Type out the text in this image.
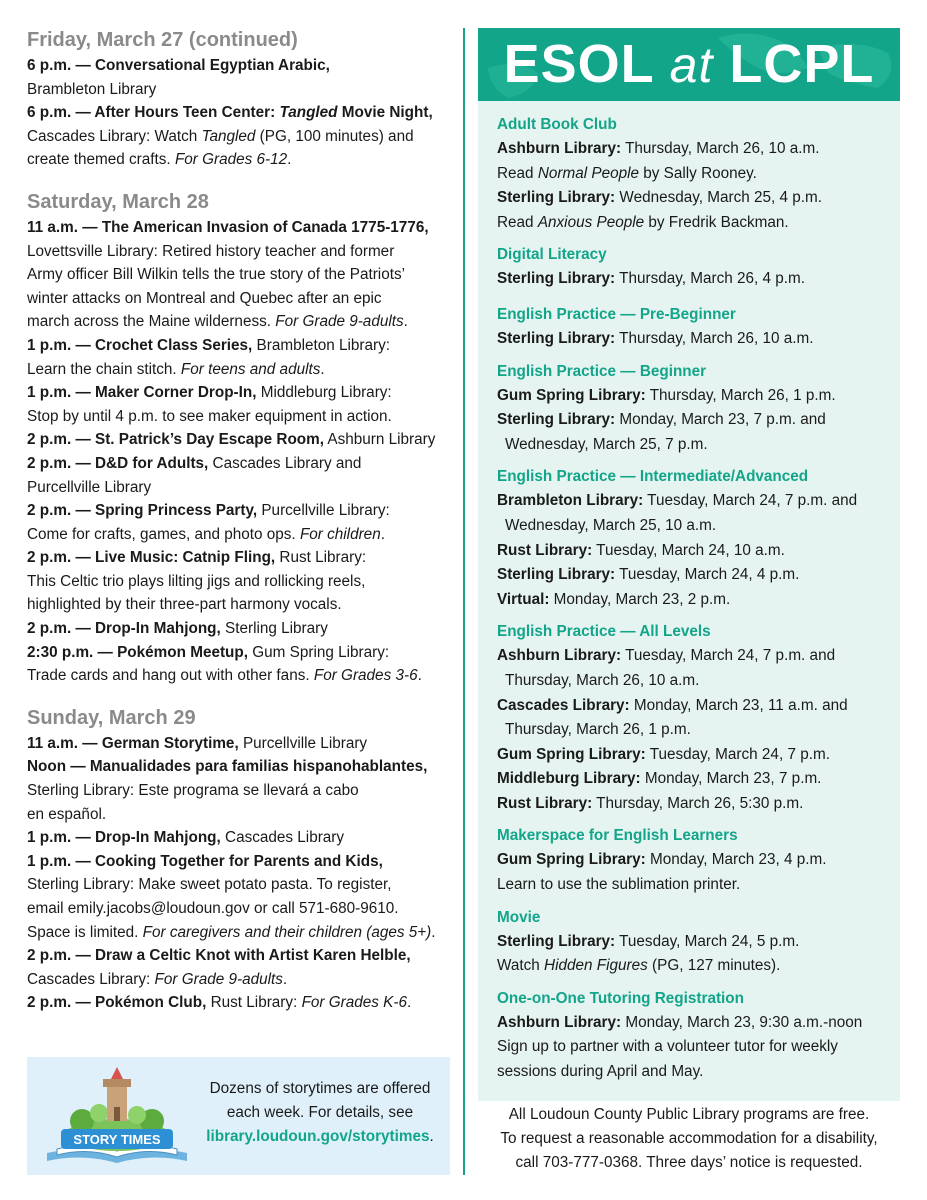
Friday, March 27 (continued)
6 p.m. — Conversational Egyptian Arabic,
Brambleton Library
6 p.m. — After Hours Teen Center: Tangled Movie Night,
Cascades Library: Watch Tangled (PG, 100 minutes) and
create themed crafts. For Grades 6-12.
Saturday, March 28
11 a.m. — The American Invasion of Canada 1775-1776,
Lovettsville Library: Retired history teacher and former
Army officer Bill Wilkin tells the true story of the Patriots’
winter attacks on Montreal and Quebec after an epic
march across the Maine wilderness. For Grade 9-adults.
1 p.m. — Crochet Class Series, Brambleton Library:
Learn the chain stitch. For teens and adults.
1 p.m. — Maker Corner Drop-In, Middleburg Library:
Stop by until 4 p.m. to see maker equipment in action.
2 p.m. — St. Patrick’s Day Escape Room, Ashburn Library
2 p.m. — D&D for Adults, Cascades Library and
Purcellville Library
2 p.m. — Spring Princess Party, Purcellville Library:
Come for crafts, games, and photo ops. For children.
2 p.m. — Live Music: Catnip Fling, Rust Library:
This Celtic trio plays lilting jigs and rollicking reels,
highlighted by their three-part harmony vocals.
2 p.m. — Drop-In Mahjong, Sterling Library
2:30 p.m. — Pokémon Meetup, Gum Spring Library:
Trade cards and hang out with other fans. For Grades 3-6.
Sunday, March 29
11 a.m. — German Storytime, Purcellville Library
Noon — Manualidades para familias hispanohablantes,
Sterling Library: Este programa se llevará a cabo
en español.
1 p.m. — Drop-In Mahjong, Cascades Library
1 p.m. — Cooking Together for Parents and Kids,
Sterling Library: Make sweet potato pasta. To register,
email emily.jacobs@loudoun.gov or call 571-680-9610.
Space is limited. For caregivers and their children (ages 5+).
2 p.m. — Draw a Celtic Knot with Artist Karen Helble,
Cascades Library: For Grade 9-adults.
2 p.m. — Pokémon Club, Rust Library: For Grades K-6.
STORY TIMES
Dozens of storytimes are offered
each week. For details, see
library.loudoun.gov/storytimes.
ESOL at LCPL
Adult Book Club
Ashburn Library: Thursday, March 26, 10 a.m.
Read Normal People by Sally Rooney.
Sterling Library: Wednesday, March 25, 4 p.m.
Read Anxious People by Fredrik Backman.
Digital Literacy
Sterling Library: Thursday, March 26, 4 p.m.
English Practice — Pre-Beginner
Sterling Library: Thursday, March 26, 10 a.m.
English Practice — Beginner
Gum Spring Library: Thursday, March 26, 1 p.m.
Sterling Library: Monday, March 23, 7 p.m. and
Wednesday, March 25, 7 p.m.
English Practice — Intermediate/Advanced
Brambleton Library: Tuesday, March 24, 7 p.m. and
Wednesday, March 25, 10 a.m.
Rust Library: Tuesday, March 24, 10 a.m.
Sterling Library: Tuesday, March 24, 4 p.m.
Virtual: Monday, March 23, 2 p.m.
English Practice — All Levels
Ashburn Library: Tuesday, March 24, 7 p.m. and
Thursday, March 26, 10 a.m.
Cascades Library: Monday, March 23, 11 a.m. and
Thursday, March 26, 1 p.m.
Gum Spring Library: Tuesday, March 24, 7 p.m.
Middleburg Library: Monday, March 23, 7 p.m.
Rust Library: Thursday, March 26, 5:30 p.m.
Makerspace for English Learners
Gum Spring Library: Monday, March 23, 4 p.m.
Learn to use the sublimation printer.
Movie
Sterling Library: Tuesday, March 24, 5 p.m.
Watch Hidden Figures (PG, 127 minutes).
One-on-One Tutoring Registration
Ashburn Library: Monday, March 23, 9:30 a.m.-noon
Sign up to partner with a volunteer tutor for weekly
sessions during April and May.
All Loudoun County Public Library programs are free.
To request a reasonable accommodation for a disability,
call 703-777-0368. Three days’ notice is requested.
